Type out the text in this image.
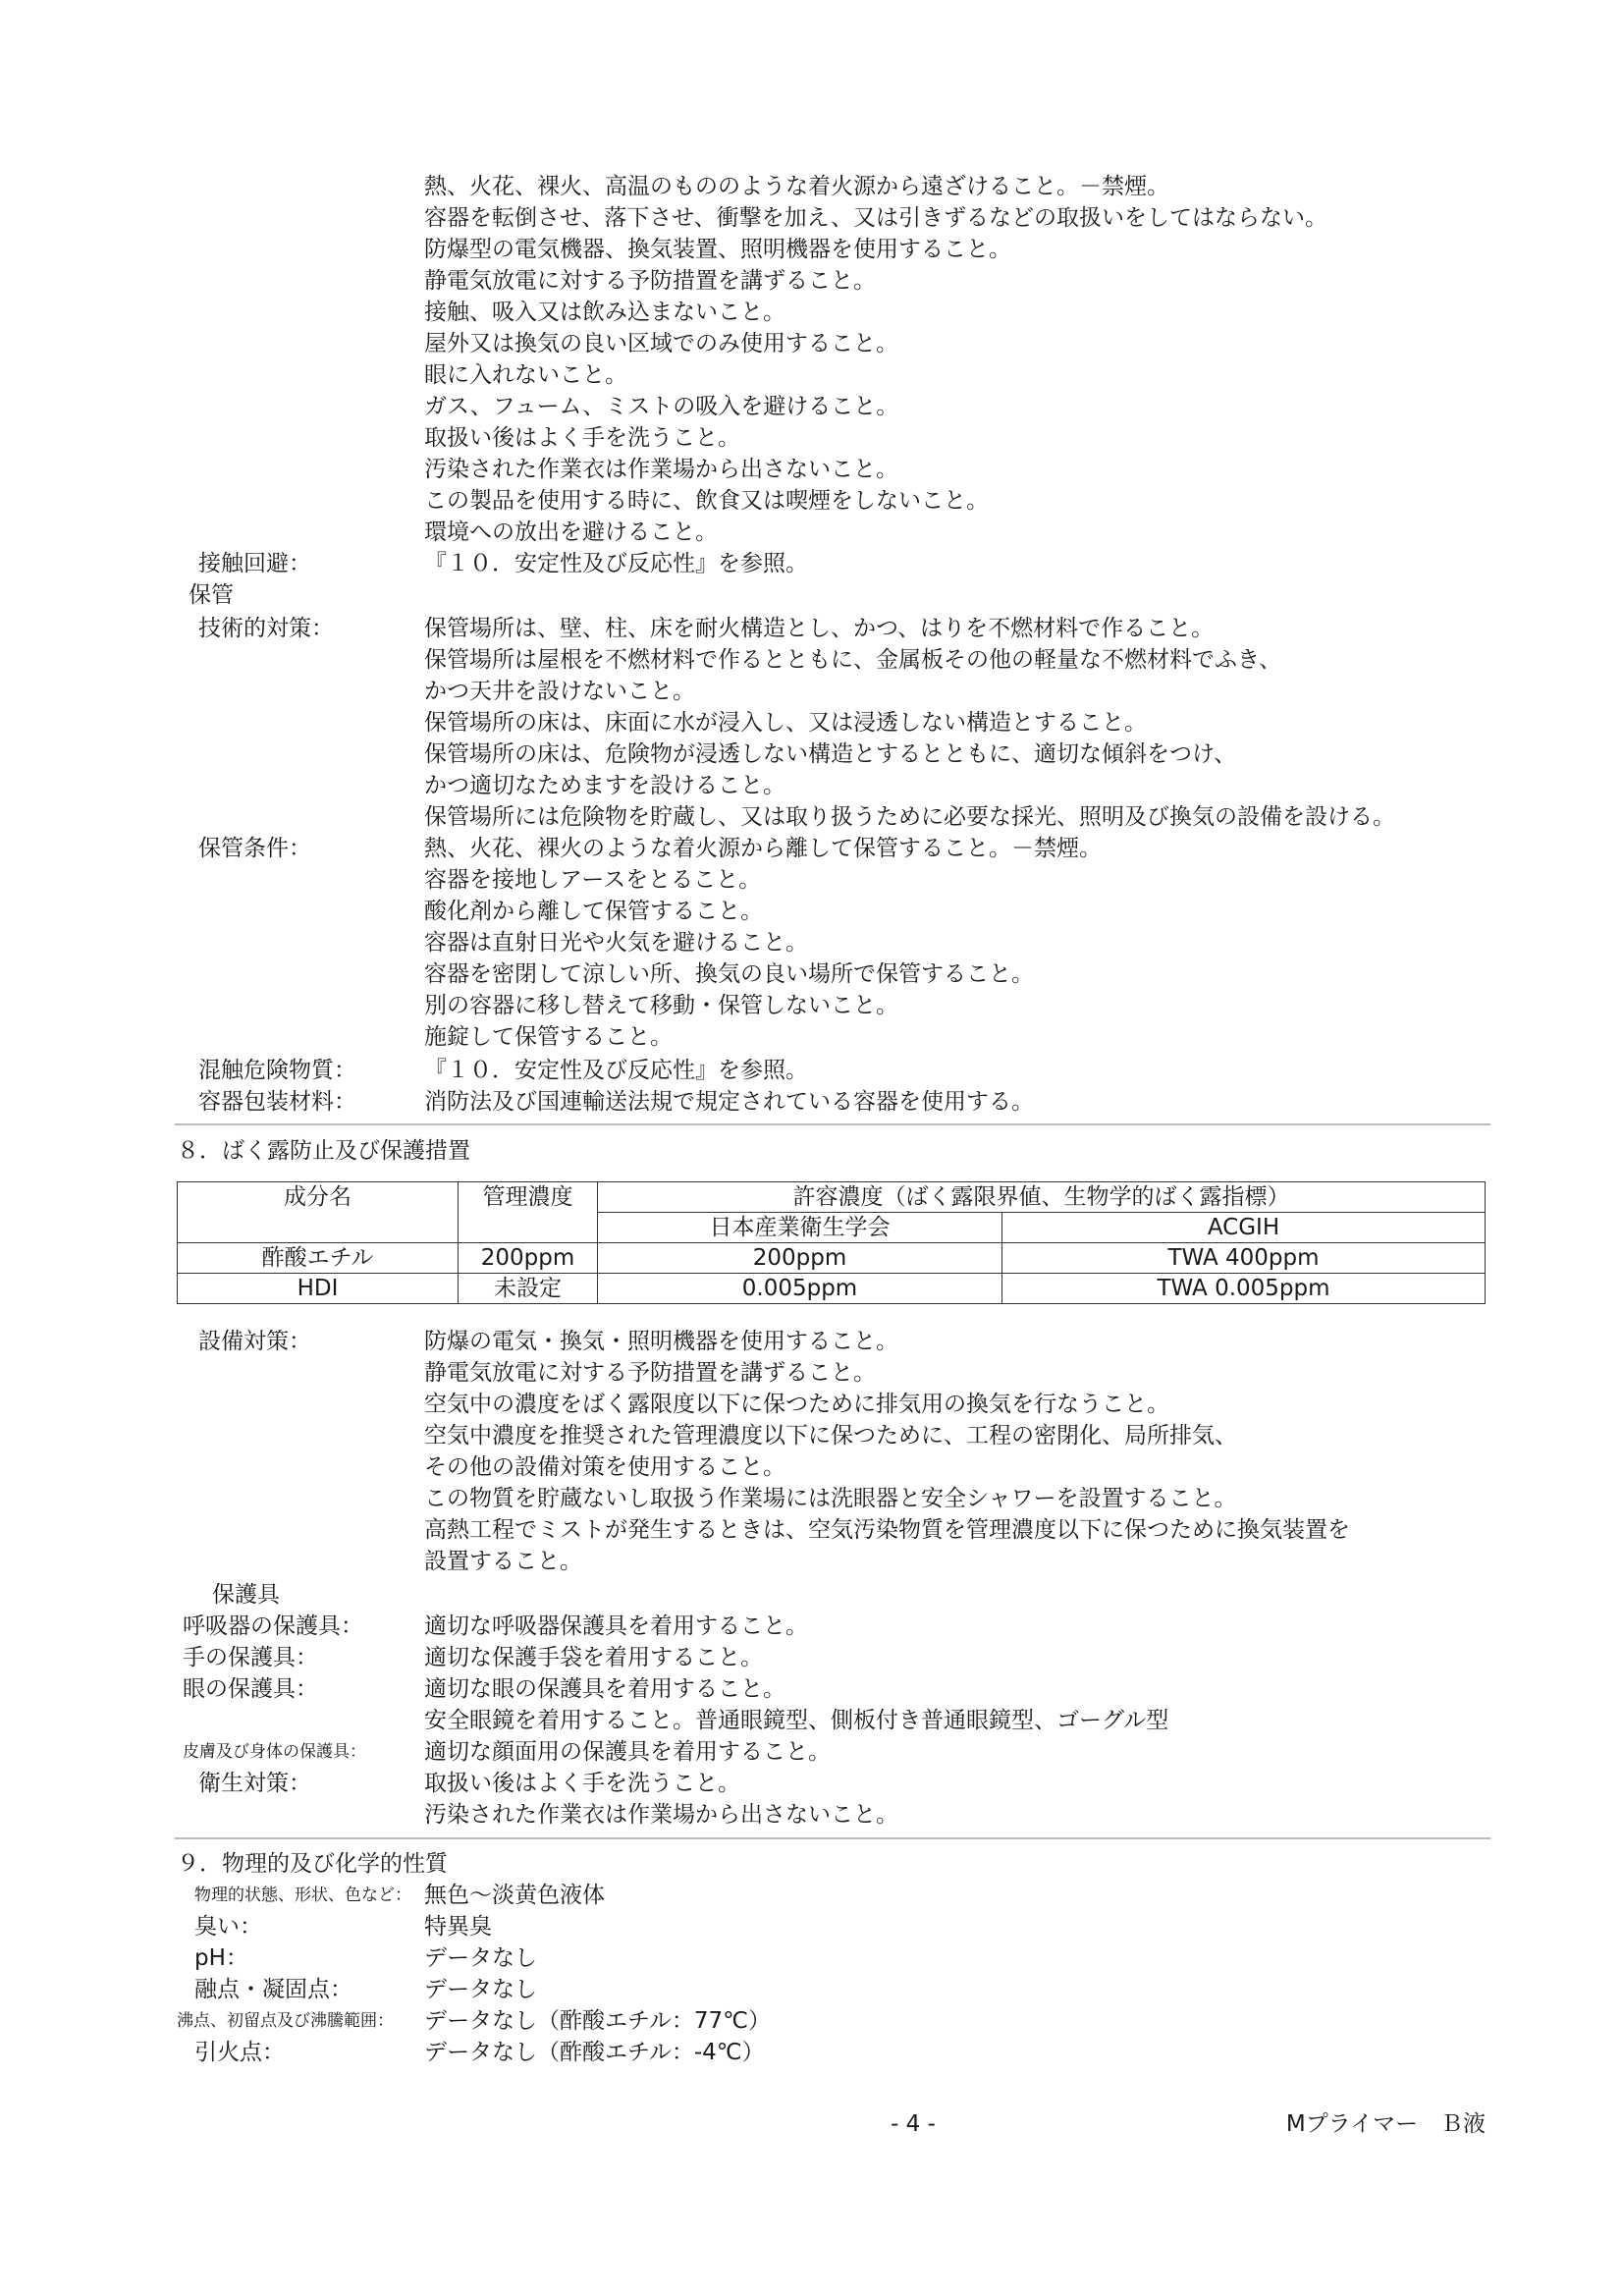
熱、火花、裸火、高温のもののような着火源から遠ざけること。－禁煙。
容器を転倒させ、落下させ、衝撃を加え、又は引きずるなどの取扱いをしてはならない。
防爆型の電気機器、換気装置、照明機器を使用すること。
静電気放電に対する予防措置を講ずること。
接触、吸入又は飲み込まないこと。
屋外又は換気の良い区域でのみ使用すること。
眼に入れないこと。
ガス、フューム、ミストの吸入を避けること。
取扱い後はよく手を洗うこと。
汚染された作業衣は作業場から出さないこと。
この製品を使用する時に、飲食又は喫煙をしないこと。
環境への放出を避けること。
接触回避：	『１０．安定性及び反応性』を参照。
保管
技術的対策：	保管場所は、壁、柱、床を耐火構造とし、かつ、はりを不燃材料で作ること。
保管場所は屋根を不燃材料で作るとともに、金属板その他の軽量な不燃材料でふき、
かつ天井を設けないこと。
保管場所の床は、床面に水が浸入し、又は浸透しない構造とすること。
保管場所の床は、危険物が浸透しない構造とするとともに、適切な傾斜をつけ、
かつ適切なためますを設けること。
保管場所には危険物を貯蔵し、又は取り扱うために必要な採光、照明及び換気の設備を設ける。
保管条件：	熱、火花、裸火のような着火源から離して保管すること。－禁煙。
容器を接地しアースをとること。
酸化剤から離して保管すること。
容器は直射日光や火気を避けること。
容器を密閉して涼しい所、換気の良い場所で保管すること。
別の容器に移し替えて移動・保管しないこと。
施錠して保管すること。
混触危険物質：	『１０．安定性及び反応性』を参照。
容器包装材料：	消防法及び国連輸送法規で規定されている容器を使用する。
８．ばく露防止及び保護措置
成分名	管理濃度	許容濃度（ばく露限界値、生物学的ばく露指標）	
		日本産業衛生学会	ACGIH
酢酸エチル	200ppm	200ppm	TWA 400ppm
HDI	未設定	0.005ppm	TWA 0.005ppm
設備対策：	防爆の電気・換気・照明機器を使用すること。
静電気放電に対する予防措置を講ずること。
空気中の濃度をばく露限度以下に保つために排気用の換気を行なうこと。
空気中濃度を推奨された管理濃度以下に保つために、工程の密閉化、局所排気、
その他の設備対策を使用すること。
この物質を貯蔵ないし取扱う作業場には洗眼器と安全シャワーを設置すること。
高熱工程でミストが発生するときは、空気汚染物質を管理濃度以下に保つために換気装置を
設置すること。
保護具
呼吸器の保護具：	適切な呼吸器保護具を着用すること。
手の保護具：	適切な保護手袋を着用すること。
眼の保護具：	適切な眼の保護具を着用すること。
安全眼鏡を着用すること。普通眼鏡型、側板付き普通眼鏡型、ゴーグル型
皮膚及び身体の保護具：	適切な顔面用の保護具を着用すること。
衛生対策：	取扱い後はよく手を洗うこと。
汚染された作業衣は作業場から出さないこと。
９．物理的及び化学的性質
物理的状態、形状、色など： 無色～淡黄色液体
臭い：	特異臭
pH：	データなし
融点・凝固点：	データなし
沸点、初留点及び沸騰範囲： データなし（酢酸エチル：77℃）
引火点：	データなし（酢酸エチル：-4℃）
- 4 -	Mプライマー　Ｂ液
